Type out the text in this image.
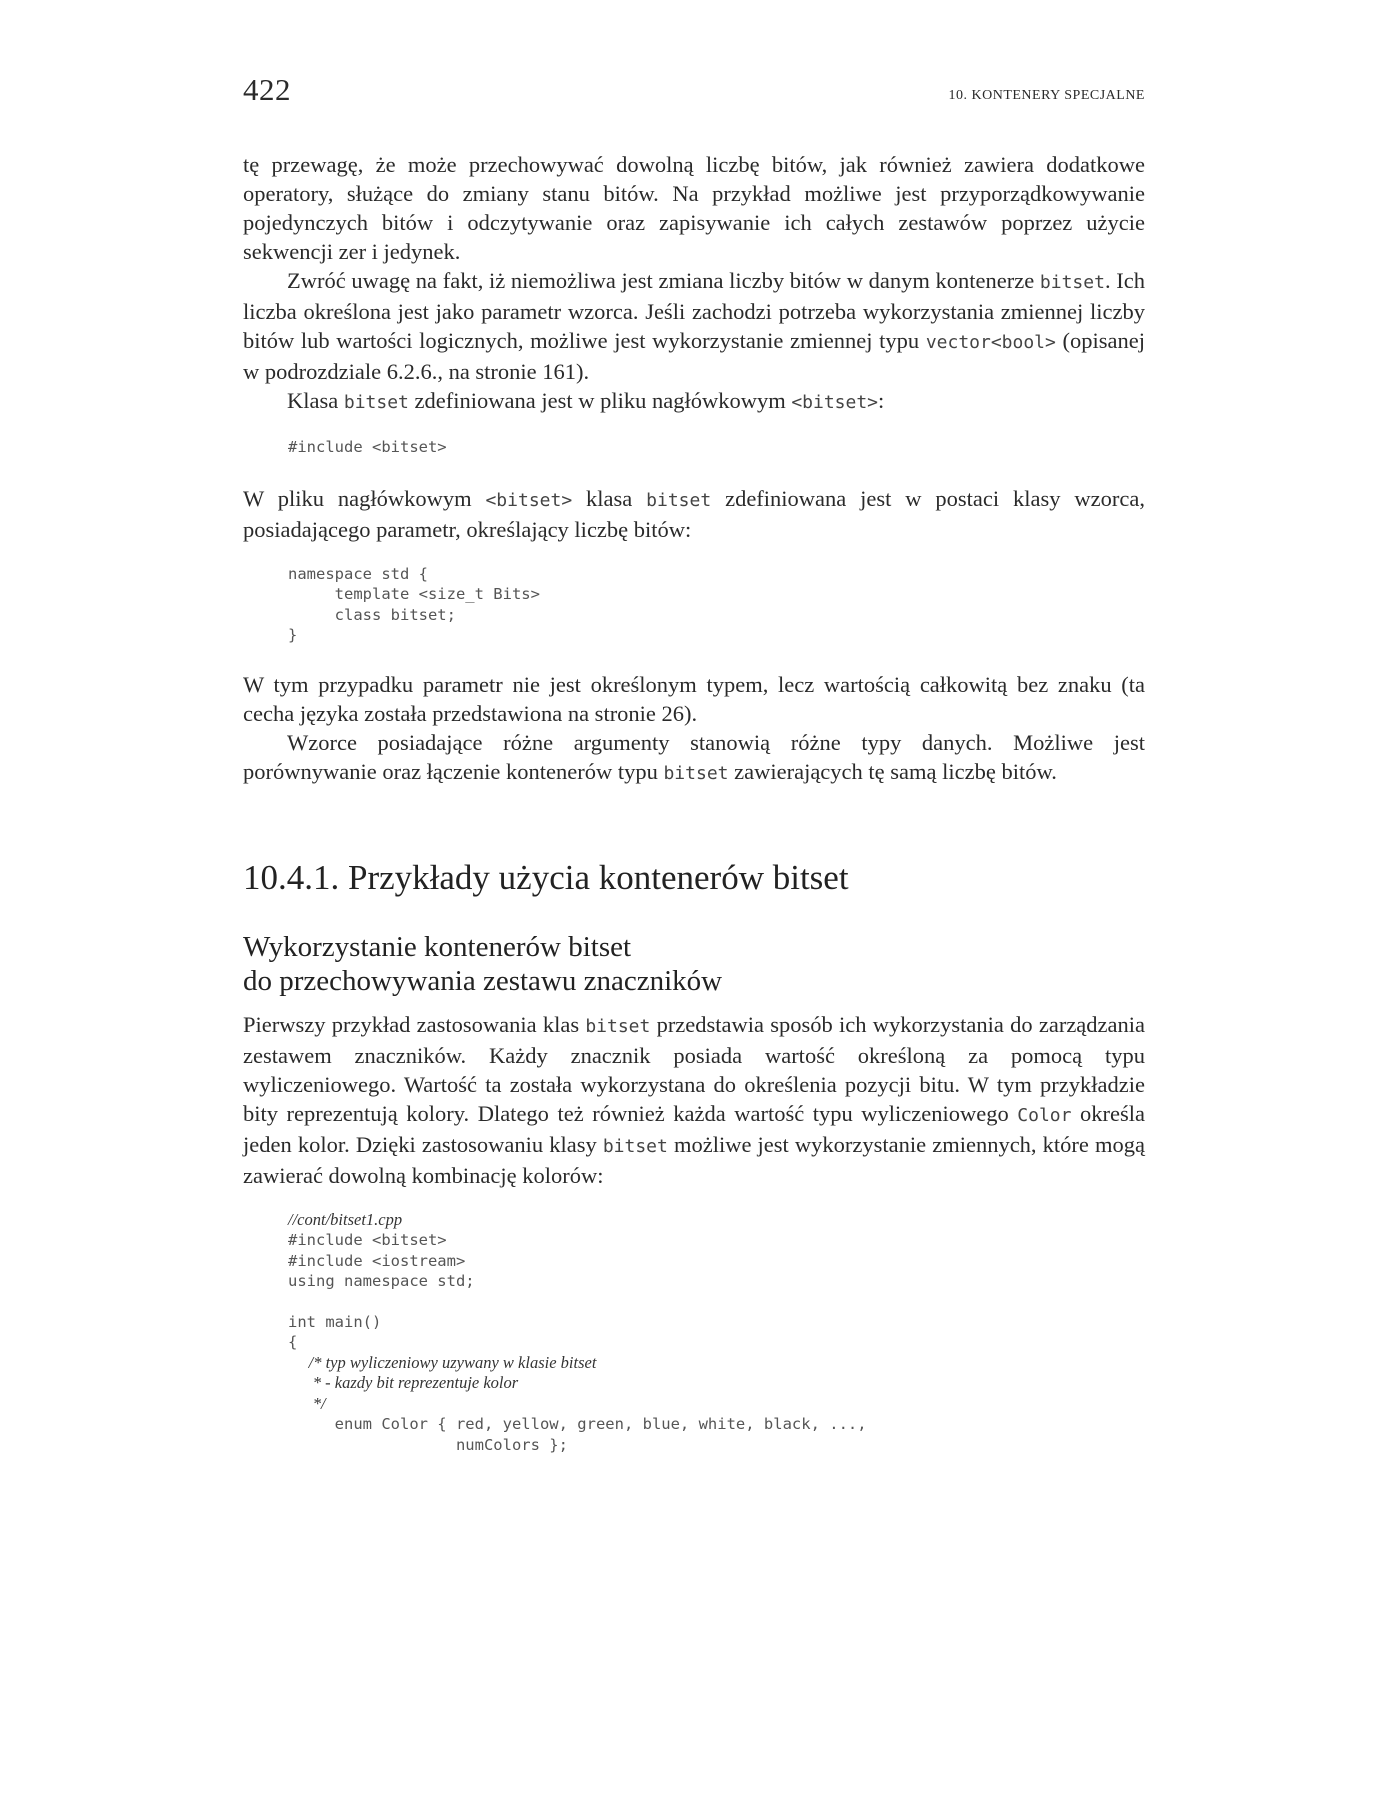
422	10. KONTENERY SPECJALNE

tę przewagę, że może przechowywać dowolną liczbę bitów, jak również zawiera dodatkowe operatory, służące do zmiany stanu bitów. Na przykład możliwe jest przyporządkowywanie pojedynczych bitów i odczytywanie oraz zapisywanie ich całych zestawów poprzez użycie sekwencji zer i jedynek.

Zwróć uwagę na fakt, iż niemożliwa jest zmiana liczby bitów w danym kontenerze bitset. Ich liczba określona jest jako parametr wzorca. Jeśli zachodzi potrzeba wykorzystania zmiennej liczby bitów lub wartości logicznych, możliwe jest wykorzystanie zmiennej typu vector<bool> (opisanej w podrozdziale 6.2.6., na stronie 161).

Klasa bitset zdefiniowana jest w pliku nagłówkowym <bitset>:

#include <bitset>

W pliku nagłówkowym <bitset> klasa bitset zdefiniowana jest w postaci klasy wzorca, posiadającego parametr, określający liczbę bitów:

namespace std {
template <size_t Bits>
class bitset;
}

W tym przypadku parametr nie jest określonym typem, lecz wartością całkowitą bez znaku (ta cecha języka została przedstawiona na stronie 26).

Wzorce posiadające różne argumenty stanowią różne typy danych. Możliwe jest porównywanie oraz łączenie kontenerów typu bitset zawierających tę samą liczbę bitów.

10.4.1. Przykłady użycia kontenerów bitset
Wykorzystanie kontenerów bitset
do przechowywania zestawu znaczników

Pierwszy przykład zastosowania klas bitset przedstawia sposób ich wykorzystania do zarządzania zestawem znaczników. Każdy znacznik posiada wartość określoną za pomocą typu wyliczeniowego. Wartość ta została wykorzystana do określenia pozycji bitu. W tym przykładzie bity reprezentują kolory. Dlatego też również każda wartość typu wyliczeniowego Color określa jeden kolor. Dzięki zastosowaniu klasy bitset możliwe jest wykorzystanie zmiennych, które mogą zawierać dowolną kombinację kolorów:

//cont/bitset1.cpp
#include <bitset>
#include <iostream>
using namespace std;
int main()
{
/* typ wyliczeniowy uzywany w klasie bitset
* - kazdy bit reprezentuje kolor
*/
enum Color { red, yellow, green, blue, white, black, ...,
numColors };
